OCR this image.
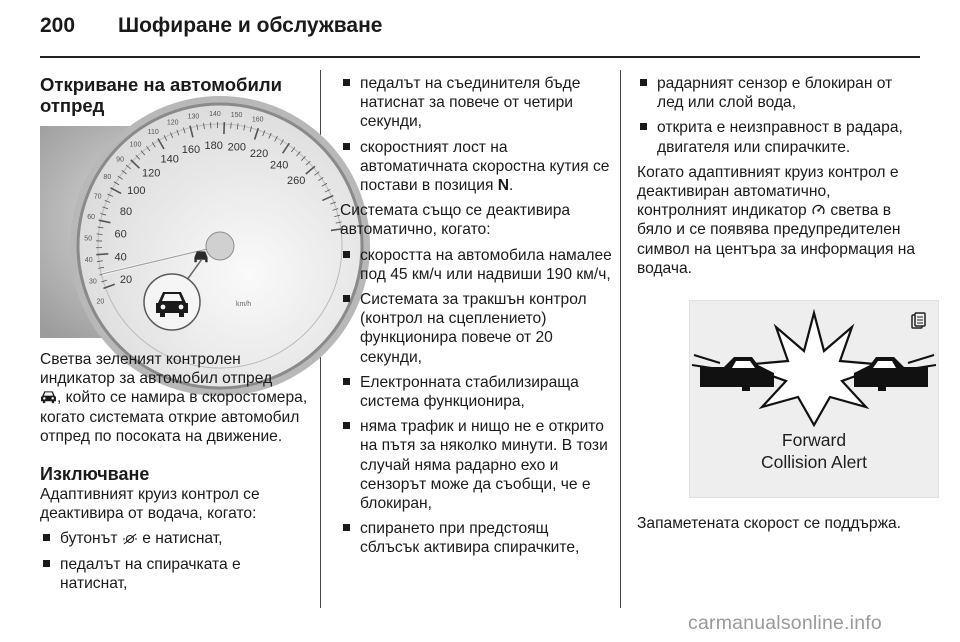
200 Шофиране и обслужване
Откриване на автомобили отпред
20
30
40
50
60
70
80
90
100
110
120
130 140 150
160
20
40
60
80
100
120
140
160 180 200
220
240
260
km/h

Светва зеленият контролен индикатор за автомобил отпред
, който се намира в скоростомера, когато системата открие автомобил отпред по посоката на движение.

Изключване

Адаптивният круиз контрол се деактивира от водача, когато:

бутонът е натиснат,

педалът на спирачката е натиснат,

педалът на съединителя бъде натиснат за повече от четири секунди,

скоростният лост на автоматичната скоростна кутия се постави в позиция N.

Системата също се деактивира автоматично, когато:

скоростта на автомобила намалее под 45 км/ч или надвиши 190 км/ч,

Системата за тракшън контрол (контрол на сцеплението) функционира повече от 20 секунди,

Електронната стабилизираща система функционира,

няма трафик и нищо не е открито на пътя за няколко минути. В този случай няма радарно ехо и сензорът може да съобщи, че е блокиран,

спирането при предстоящ сблъсък активира спирачките,

радарният сензор е блокиран от лед или слой вода,

открита е неизправност в радара, двигателя или спирачките.

Когато адаптивният круиз контрол е деактивиран автоматично, контролният индикатор светва в бяло и се появява предупредителен символ на центъра за информация на водача.

Forward
Collision Alert

Запаметената скорост се поддържа.

carmanualsonline.info
